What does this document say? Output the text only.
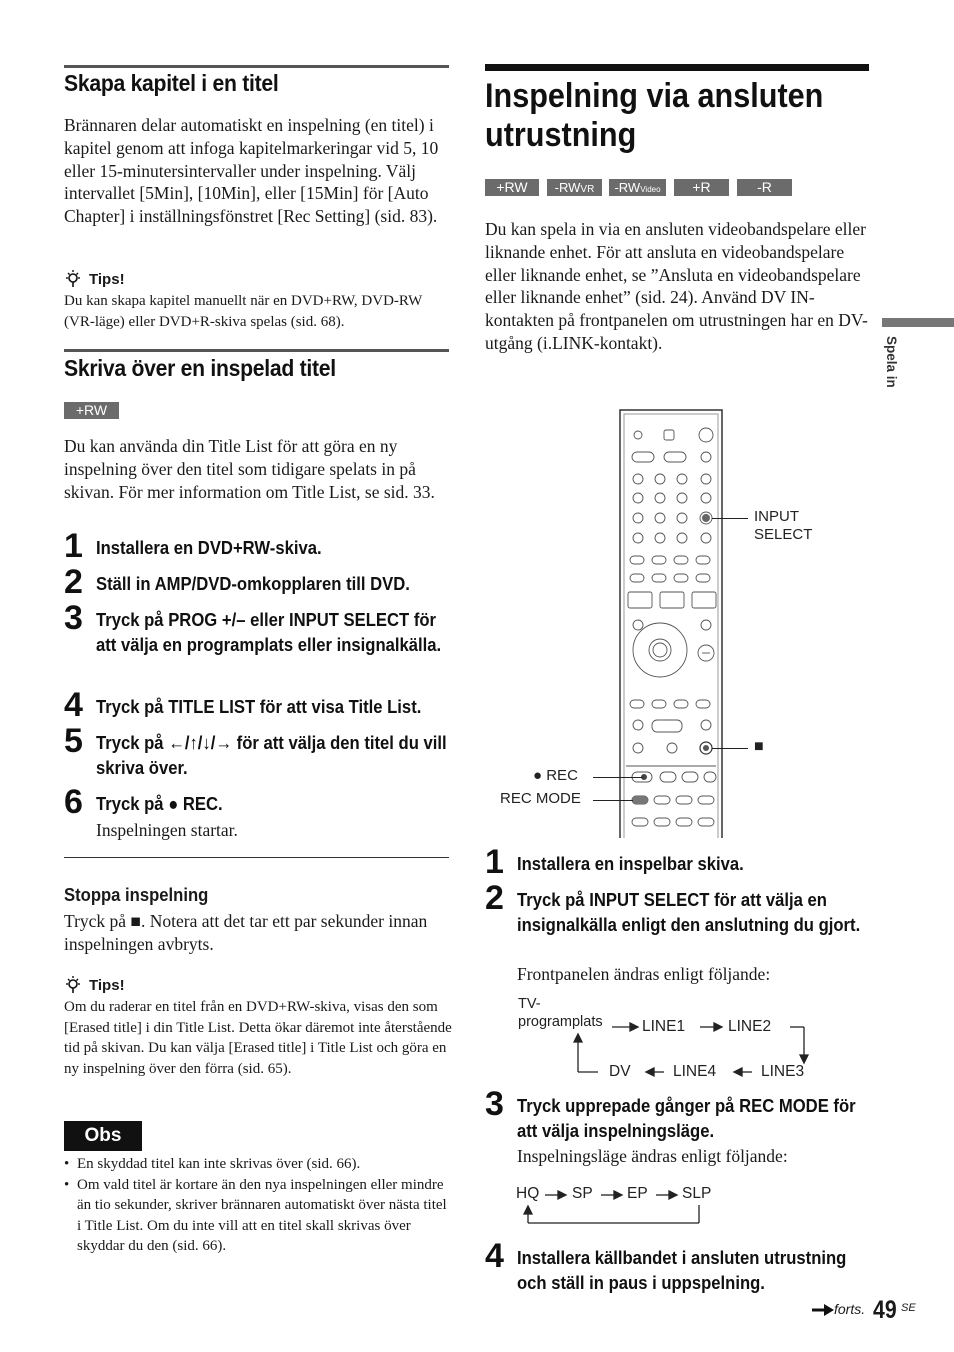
Skapa kapitel i en titel
Brännaren delar automatiskt en inspelning (en titel) i kapitel genom att infoga kapitelmarkeringar vid 5, 10 eller 15-minutersintervaller under inspelning. Välj intervallet [5Min], [10Min], eller [15Min] för [Auto Chapter] i inställningsfönstret [Rec Setting] (sid. 83).
Tips!
Du kan skapa kapitel manuellt när en DVD+RW, DVD-RW (VR-läge) eller DVD+R-skiva spelas (sid. 68).
Skriva över en inspelad titel
+RW
Du kan använda din Title List för att göra en ny inspelning över den titel som tidigare spelats in på skivan. För mer information om Title List, se sid. 33.
1 Installera en DVD+RW-skiva.
2 Ställ in AMP/DVD-omkopplaren till DVD.
3 Tryck på PROG +/– eller INPUT SELECT för att välja en programplats eller insignalkälla.
4 Tryck på TITLE LIST för att visa Title List.
5 Tryck på ←/↑/↓/→ för att välja den titel du vill skriva över.
6 Tryck på ● REC.
Inspelningen startar.
Stoppa inspelning
Tryck på ■. Notera att det tar ett par sekunder innan inspelningen avbryts.
Tips!
Om du raderar en titel från en DVD+RW-skiva, visas den som [Erased title] i din Title List. Detta ökar däremot inte återstående tid på skivan. Du kan välja [Erased title] i Title List och göra en ny inspelning över den förra (sid. 65).
Obs
• En skyddad titel kan inte skrivas över (sid. 66).
• Om vald titel är kortare än den nya inspelningen eller mindre än tio sekunder, skriver brännaren automatiskt över nästa titel i Title List. Om du inte vill att en titel skall skrivas över skyddar du den (sid. 66).
Inspelning via ansluten utrustning
+RW	-RWVR	-RWVideo	+R	-R
Du kan spela in via en ansluten videobandspelare eller liknande enhet. För att ansluta en videobandspelare eller liknande enhet, se ”Ansluta en videobandspelare eller liknande enhet” (sid. 24). Använd DV IN-kontakten på frontpanelen om utrustningen har en DV-utgång (i.LINK-kontakt).
INPUT SELECT
■
● REC
REC MODE
1 Installera en inspelbar skiva.
2 Tryck på INPUT SELECT för att välja en insignalkälla enligt den anslutning du gjort.
Frontpanelen ändras enligt följande:
TV-programplats	LINE1	LINE2
LINE3
LINE4
DV
3 Tryck upprepade gånger på REC MODE för att välja inspelningsläge.
Inspelningsläge ändras enligt följande:
HQ SP EP SLP
4 Installera källbandet i ansluten utrustning och ställ in paus i uppspelning.
Spela in
forts. 49 SE
